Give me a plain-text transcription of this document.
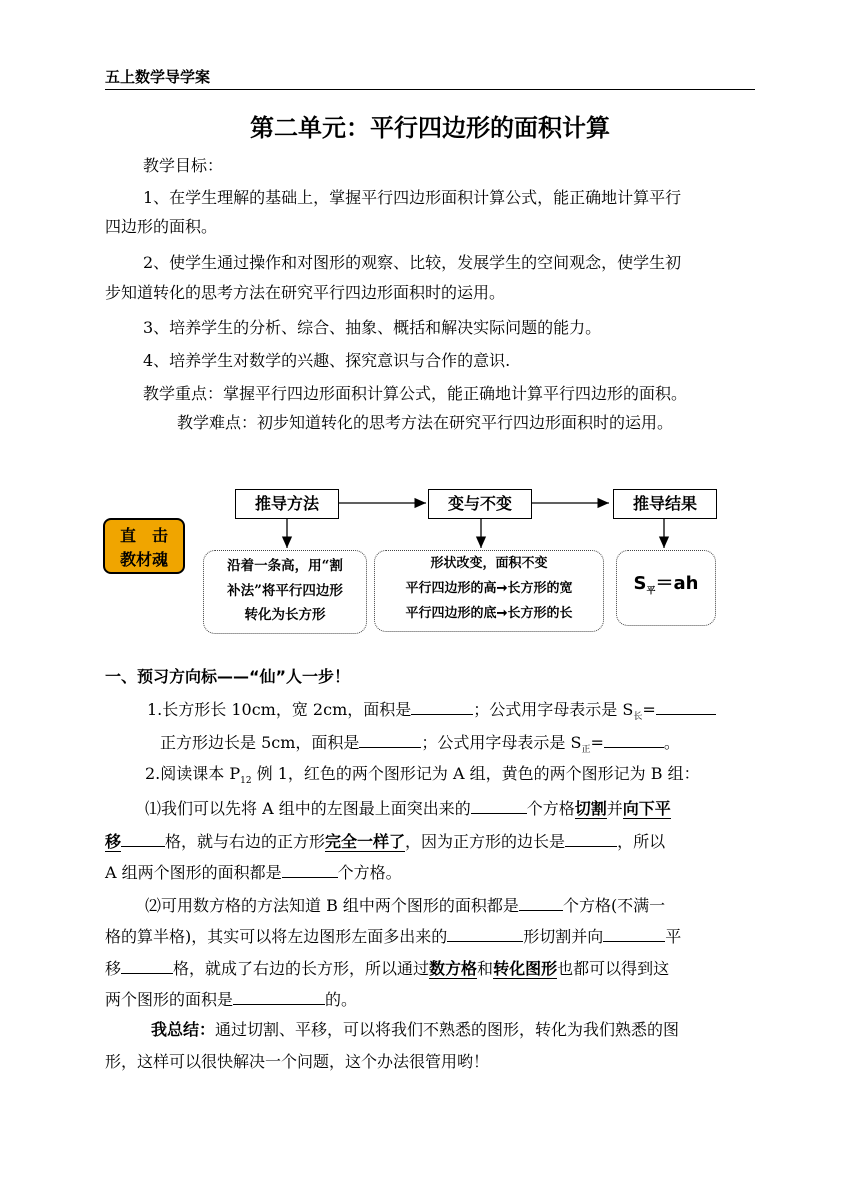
五上数学导学案
第二单元：平行四边形的面积计算
教学目标：
1、在学生理解的基础上，掌握平行四边形面积计算公式，能正确地计算平行
四边形的面积。
2、使学生通过操作和对图形的观察、比较，发展学生的空间观念，使学生初
步知道转化的思考方法在研究平行四边形面积时的运用。
3、培养学生的分析、综合、抽象、概括和解决实际问题的能力。
4、培养学生对数学的兴趣、探究意识与合作的意识.
教学重点：掌握平行四边形面积计算公式，能正确地计算平行四边形的面积。
教学难点：初步知道转化的思考方法在研究平行四边形面积时的运用。
直　击
教材魂
推导方法	变与不变	推导结果
沿着一条高，用“割
补法”将平行四边形
转化为长方形
形状改变，面积不变
平行四边形的高➞长方形的宽
平行四边形的底➞长方形的长
$S_平=ah$
一、预习方向标——“仙”人一步！
1.长方形长 10cm，宽 2cm，面积是	；公式用字母表示是 $S_长=$
正方形边长是 5cm，面积是	；公式用字母表示是 $S_正=$	。
2.阅读课本 $P_{12}$ 例 1，红色的两个图形记为 A 组，黄色的两个图形记为 B 组：
⑴我们可以先将 A 组中的左图最上面突出来的	个方格切割并向下平
移	格，就与右边的正方形完全一样了，因为正方形的边长是	，所以
A 组两个图形的面积都是	个方格。
⑵可用数方格的方法知道 B 组中两个图形的面积都是	个方格(不满一
格的算半格)，其实可以将左边图形左面多出来的	形切割并向	平
移	格，就成了右边的长方形，所以通过数方格和转化图形也都可以得到这
两个图形的面积是	的。
我总结：通过切割、平移，可以将我们不熟悉的图形，转化为我们熟悉的图
形，这样可以很快解决一个问题，这个办法很管用哟！
